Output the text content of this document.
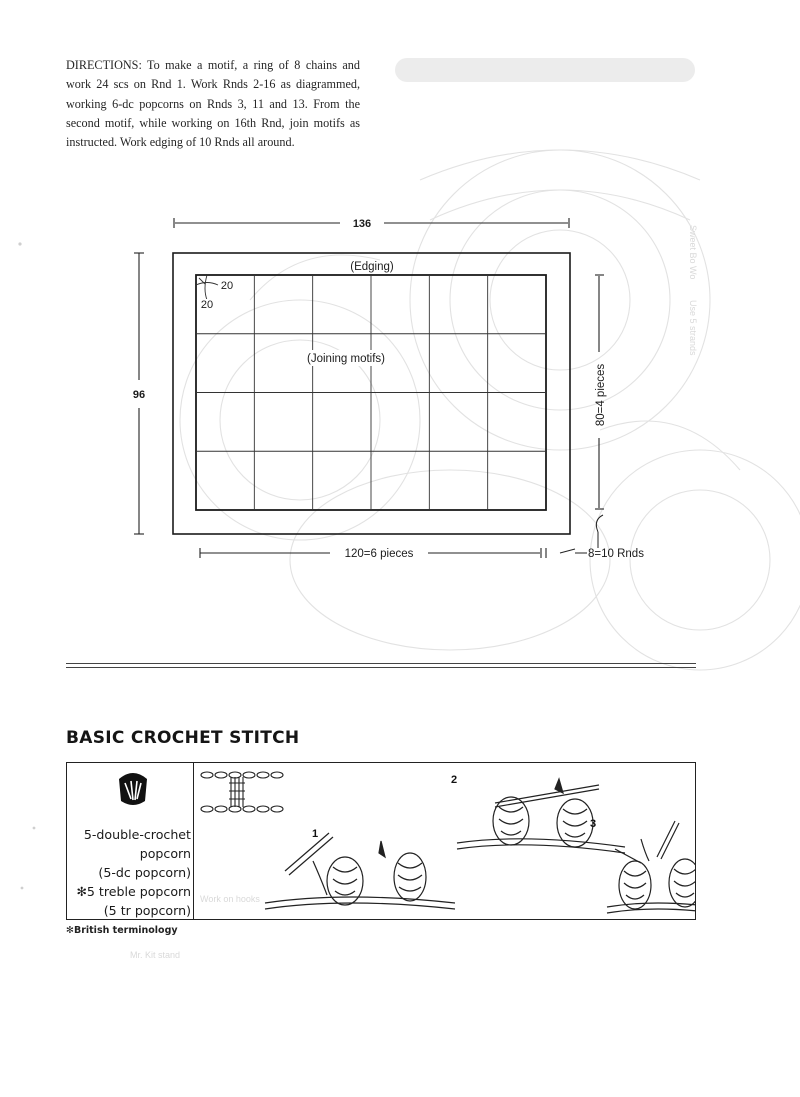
Sweet Bo Wo
Use 5 strands
Work on hooks
Mr. Kit stand
DIRECTIONS: To make a motif, a ring of 8 chains and work 24 scs on Rnd 1. Work Rnds 2-16 as diagrammed, working 6-dc popcorns on Rnds 3, 11 and 13. From the second motif, while working on 16th Rnd, join motifs as instructed. Work edging of 10 Rnds all around.
136
96
(Edging)
(Joining motifs)
20
20
120=6 pieces
80=4 pieces
8=10 Rnds
BASIC CROCHET STITCH
5-double-crochet
popcorn
(5-dc popcorn)
✻5 treble popcorn
(5 tr popcorn)
1
2
3
✻British terminology
